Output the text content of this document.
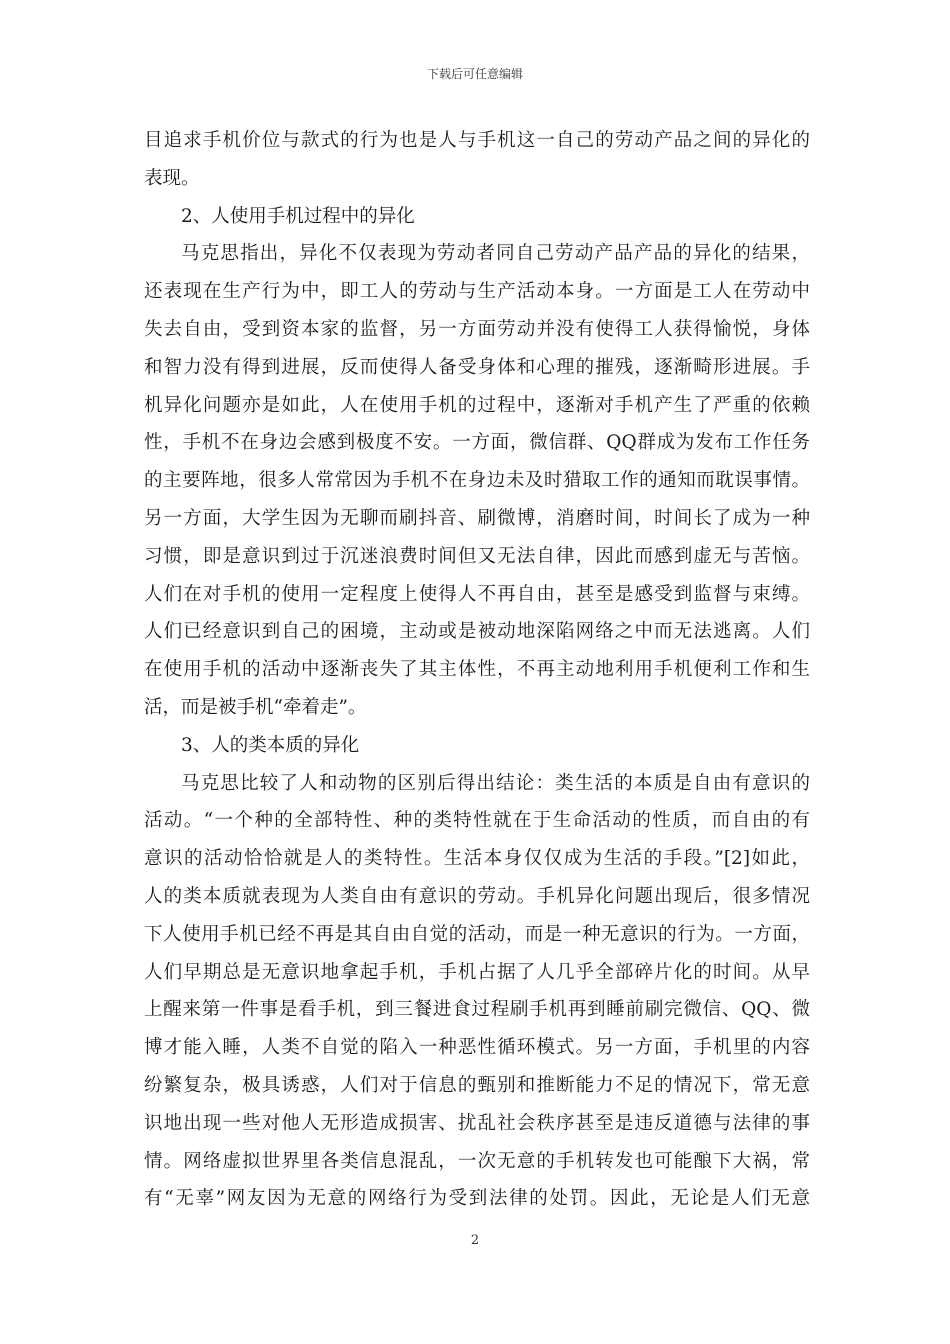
下载后可任意编辑
目追求手机价位与款式的行为也是人与手机这一自己的劳动产品之间的异化的
表现。
2、人使用手机过程中的异化
马克思指出，异化不仅表现为劳动者同自己劳动产品产品的异化的结果，
还表现在生产行为中，即工人的劳动与生产活动本身。一方面是工人在劳动中
失去自由，受到资本家的监督，另一方面劳动并没有使得工人获得愉悦，身体
和智力没有得到进展，反而使得人备受身体和心理的摧残，逐渐畸形进展。手
机异化问题亦是如此，人在使用手机的过程中，逐渐对手机产生了严重的依赖
性，手机不在身边会感到极度不安。一方面，微信群、QQ群成为发布工作任务
的主要阵地，很多人常常因为手机不在身边未及时猎取工作的通知而耽误事情。
另一方面，大学生因为无聊而刷抖音、刷微博，消磨时间，时间长了成为一种
习惯，即是意识到过于沉迷浪费时间但又无法自律，因此而感到虚无与苦恼。
人们在对手机的使用一定程度上使得人不再自由，甚至是感受到监督与束缚。
人们已经意识到自己的困境，主动或是被动地深陷网络之中而无法逃离。人们
在使用手机的活动中逐渐丧失了其主体性，不再主动地利用手机便利工作和生
活，而是被手机“牵着走”。
3、人的类本质的异化
马克思比较了人和动物的区别后得出结论：类生活的本质是自由有意识的
活动。“一个种的全部特性、种的类特性就在于生命活动的性质，而自由的有
意识的活动恰恰就是人的类特性。生活本身仅仅成为生活的手段。”[2]如此，
人的类本质就表现为人类自由有意识的劳动。手机异化问题出现后，很多情况
下人使用手机已经不再是其自由自觉的活动，而是一种无意识的行为。一方面，
人们早期总是无意识地拿起手机，手机占据了人几乎全部碎片化的时间。从早
上醒来第一件事是看手机，到三餐进食过程刷手机再到睡前刷完微信、QQ、微
博才能入睡，人类不自觉的陷入一种恶性循环模式。另一方面，手机里的内容
纷繁复杂，极具诱惑，人们对于信息的甄别和推断能力不足的情况下，常无意
识地出现一些对他人无形造成损害、扰乱社会秩序甚至是违反道德与法律的事
情。网络虚拟世界里各类信息混乱，一次无意的手机转发也可能酿下大祸，常
有“无辜”网友因为无意的网络行为受到法律的处罚。因此，无论是人们无意
2
